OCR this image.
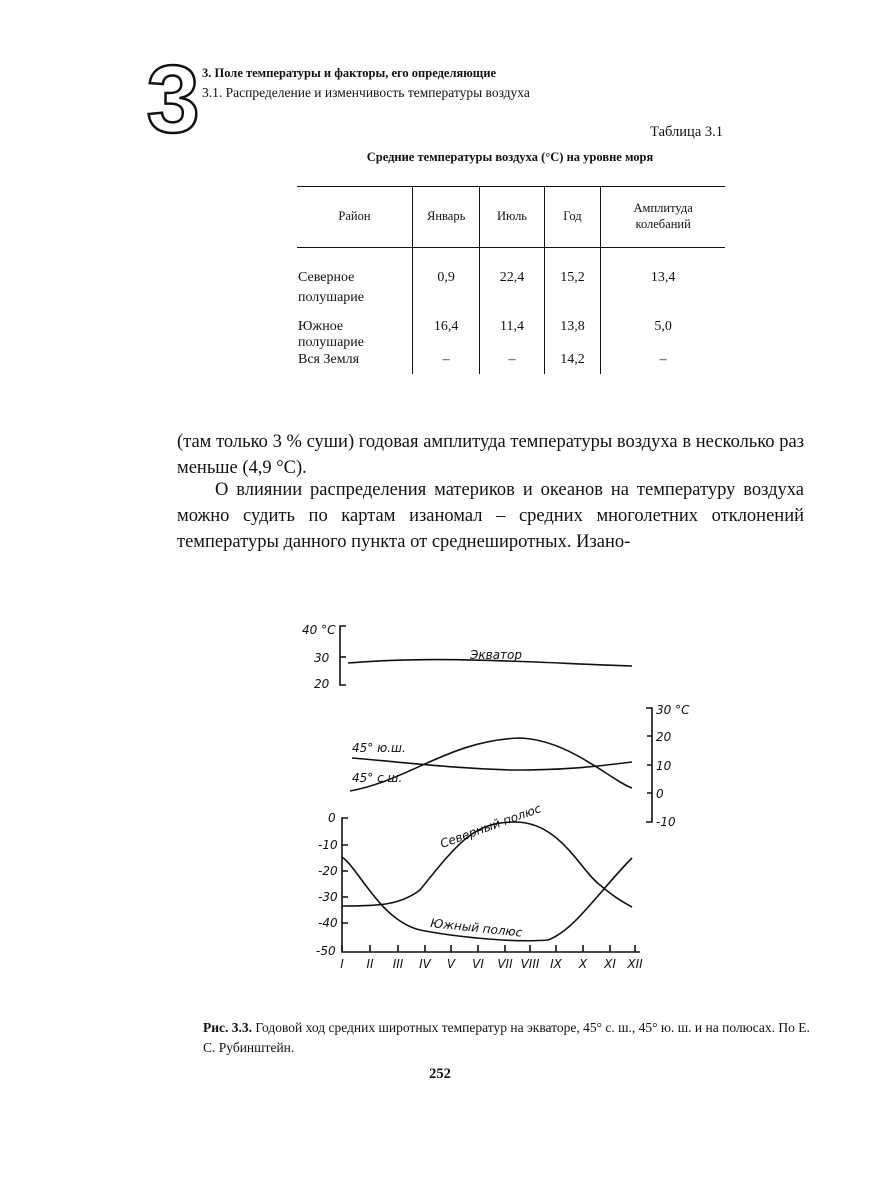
3 3. Поле температуры и факторы, его определяющие
3.1. Распределение и изменчивость температуры воздуха
Таблица 3.1
Средние температуры воздуха (°С) на уровне моря
Район	Январь	Июль	Год	Амплитуда колебаний
Северное полушарие	0,9	22,4	15,2	13,4
Южное полушарие	16,4	11,4	13,8	5,0
Вся Земля	–	–	14,2	–
(там только 3 % суши) годовая амплитуда температуры воздуха в несколько раз меньше (4,9 °С).
О влиянии распределения материков и океанов на температуру воздуха можно судить по картам изаномал – средних многолетних отклонений температуры данного пункта от среднеширотных. Изано-
40 °С
30
20
Экватор
30 °С
20
10
0
-10
45° ю.ш.
45° с.ш.
0
-10
-20
-30
-40
-50
Северный полюс
Южный полюс
I II III IV V VI VII VIII IX X XI XII
Рис. 3.3. Годовой ход средних широтных температур на экваторе, 45° с. ш., 45° ю. ш. и на полюсах. По Е. С. Рубинштейн.
252
